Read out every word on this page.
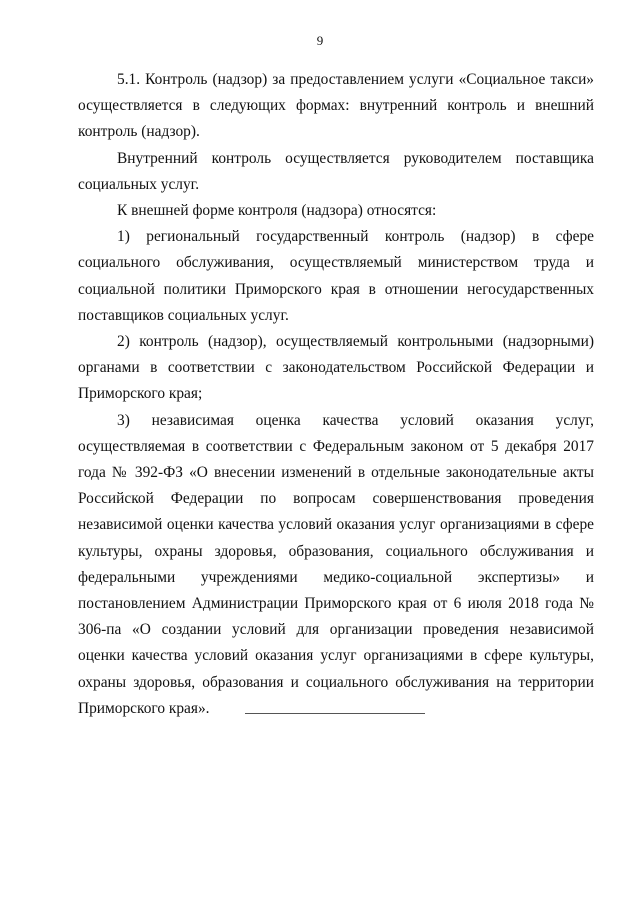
9

5.1. Контроль (надзор) за предоставлением услуги «Социальное такси» осуществляется в следующих формах: внутренний контроль и внешний контроль (надзор).

Внутренний контроль осуществляется руководителем поставщика социальных услуг.

К внешней форме контроля (надзора) относятся:

1) региональный государственный контроль (надзор) в сфере социального обслуживания, осуществляемый министерством труда и социальной политики Приморского края в отношении негосударственных поставщиков социальных услуг.

2) контроль (надзор), осуществляемый контрольными (надзорными) органами в соответствии с законодательством Российской Федерации и Приморского края;

3) независимая оценка качества условий оказания услуг, осуществляемая в соответствии с Федеральным законом от 5 декабря 2017 года № 392-ФЗ «О внесении изменений в отдельные законодательные акты Российской Федерации по вопросам совершенствования проведения независимой оценки качества условий оказания услуг организациями в сфере культуры, охраны здоровья, образования, социального обслуживания и федеральными учреждениями медико-социальной экспертизы» и постановлением Администрации Приморского края от 6 июля 2018 года № 306-па «О создании условий для организации проведения независимой оценки качества условий оказания услуг организациями в сфере культуры, охраны здоровья, образования и социального обслуживания на территории Приморского края».
